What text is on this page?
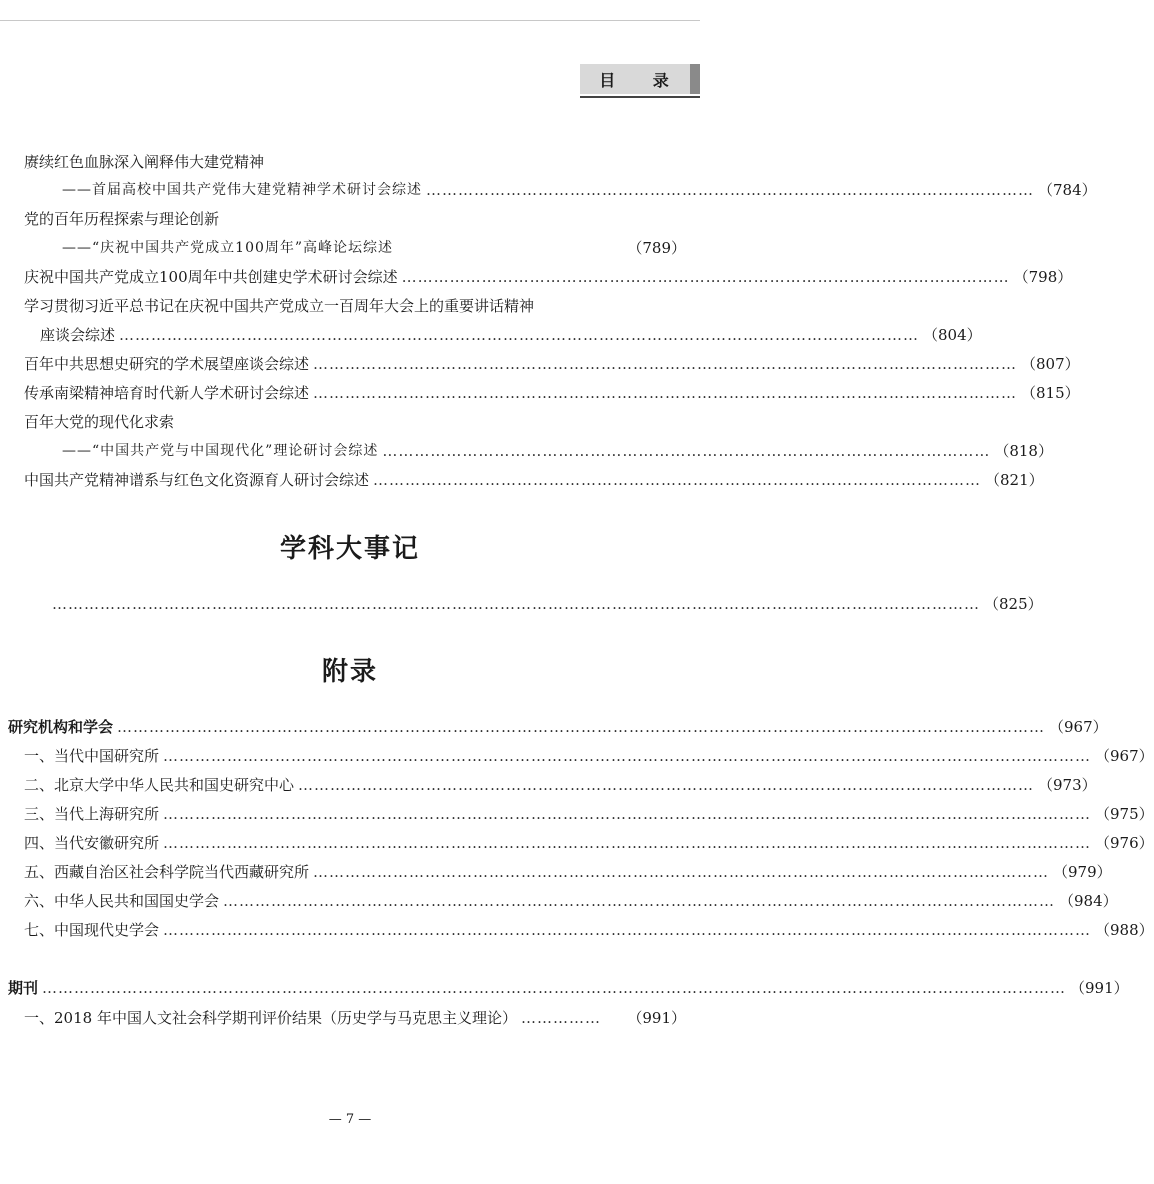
目 录
赓续红色血脉深入阐释伟大建党精神
——首届高校中国共产党伟大建党精神学术研讨会综述 …………………………………………………………………………………………………… （784）
党的百年历程探索与理论创新
——“庆祝中国共产党成立100周年”高峰论坛综述	（789）
庆祝中国共产党成立100周年中共创建史学术研讨会综述 …………………………………………………………………………………………………… （798）
学习贯彻习近平总书记在庆祝中国共产党成立一百周年大会上的重要讲话精神
座谈会综述 …………………………………………………………………………………………………………………………………… （804）
百年中共思想史研究的学术展望座谈会综述 …………………………………………………………………………………………………………………… （807）
传承南梁精神培育时代新人学术研讨会综述 …………………………………………………………………………………………………………………… （815）
百年大党的现代化求索
——“中国共产党与中国现代化”理论研讨会综述 …………………………………………………………………………………………………… （818）
中国共产党精神谱系与红色文化资源育人研讨会综述 …………………………………………………………………………………………………… （821）
学科大事记
………………………………………………………………………………………………………………………………………………………… （825）
附录
研究机构和学会 ………………………………………………………………………………………………………………………………………………………… （967）
一、当代中国研究所 ………………………………………………………………………………………………………………………………………………………… （967）
二、北京大学中华人民共和国史研究中心 ………………………………………………………………………………………………………………………… （973）
三、当代上海研究所 ………………………………………………………………………………………………………………………………………………………… （975）
四、当代安徽研究所 ………………………………………………………………………………………………………………………………………………………… （976）
五、西藏自治区社会科学院当代西藏研究所 ………………………………………………………………………………………………………………………… （979）
六、中华人民共和国国史学会 ………………………………………………………………………………………………………………………………………… （984）
七、中国现代史学会 ………………………………………………………………………………………………………………………………………………………… （988）
期刊 ………………………………………………………………………………………………………………………………………………………………………… （991）
一、2018 年中国人文社会科学期刊评价结果（历史学与马克思主义理论） ……………	（991）
— 7 —
